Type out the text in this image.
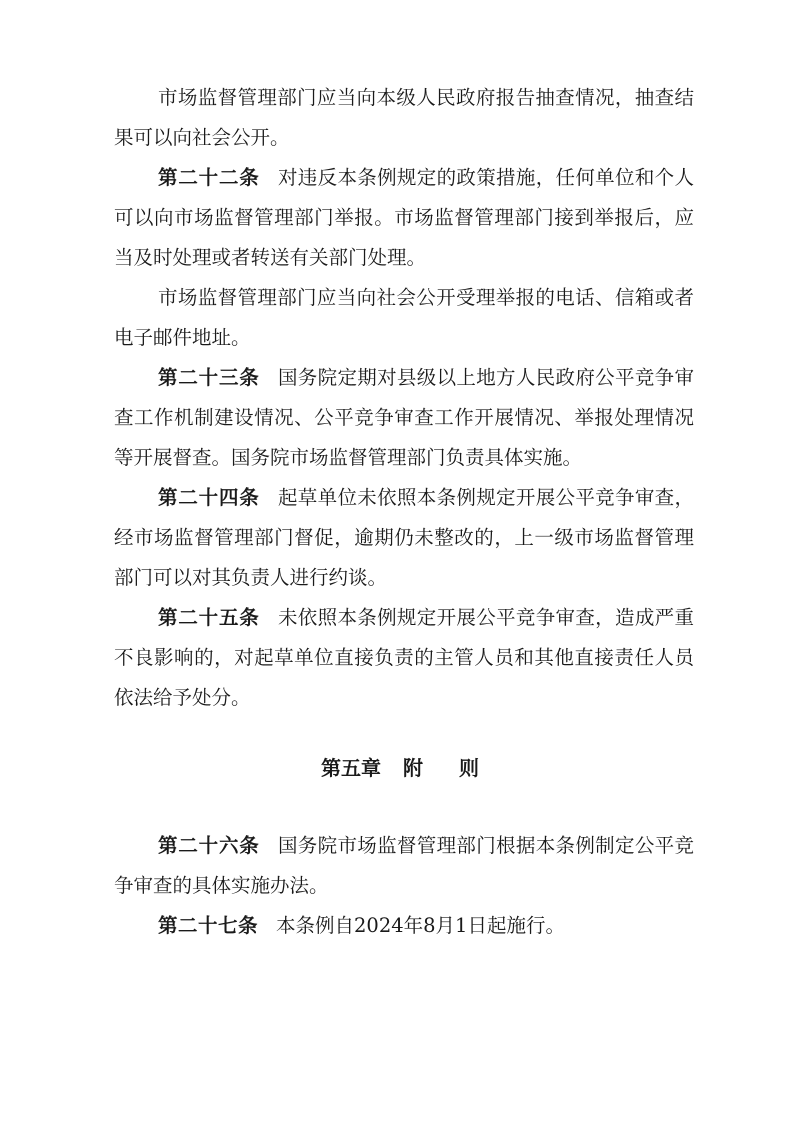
市场监督管理部门应当向本级人民政府报告抽查情况，抽查结果可以向社会公开。

第二十二条 对违反本条例规定的政策措施，任何单位和个人可以向市场监督管理部门举报。市场监督管理部门接到举报后，应当及时处理或者转送有关部门处理。

市场监督管理部门应当向社会公开受理举报的电话、信箱或者电子邮件地址。

第二十三条 国务院定期对县级以上地方人民政府公平竞争审查工作机制建设情况、公平竞争审查工作开展情况、举报处理情况等开展督查。国务院市场监督管理部门负责具体实施。

第二十四条 起草单位未依照本条例规定开展公平竞争审查，经市场监督管理部门督促，逾期仍未整改的，上一级市场监督管理部门可以对其负责人进行约谈。

第二十五条 未依照本条例规定开展公平竞争审查，造成严重不良影响的，对起草单位直接负责的主管人员和其他直接责任人员依法给予处分。

第五章 附 则

第二十六条 国务院市场监督管理部门根据本条例制定公平竞争审查的具体实施办法。

第二十七条 本条例自2024年8月1日起施行。
